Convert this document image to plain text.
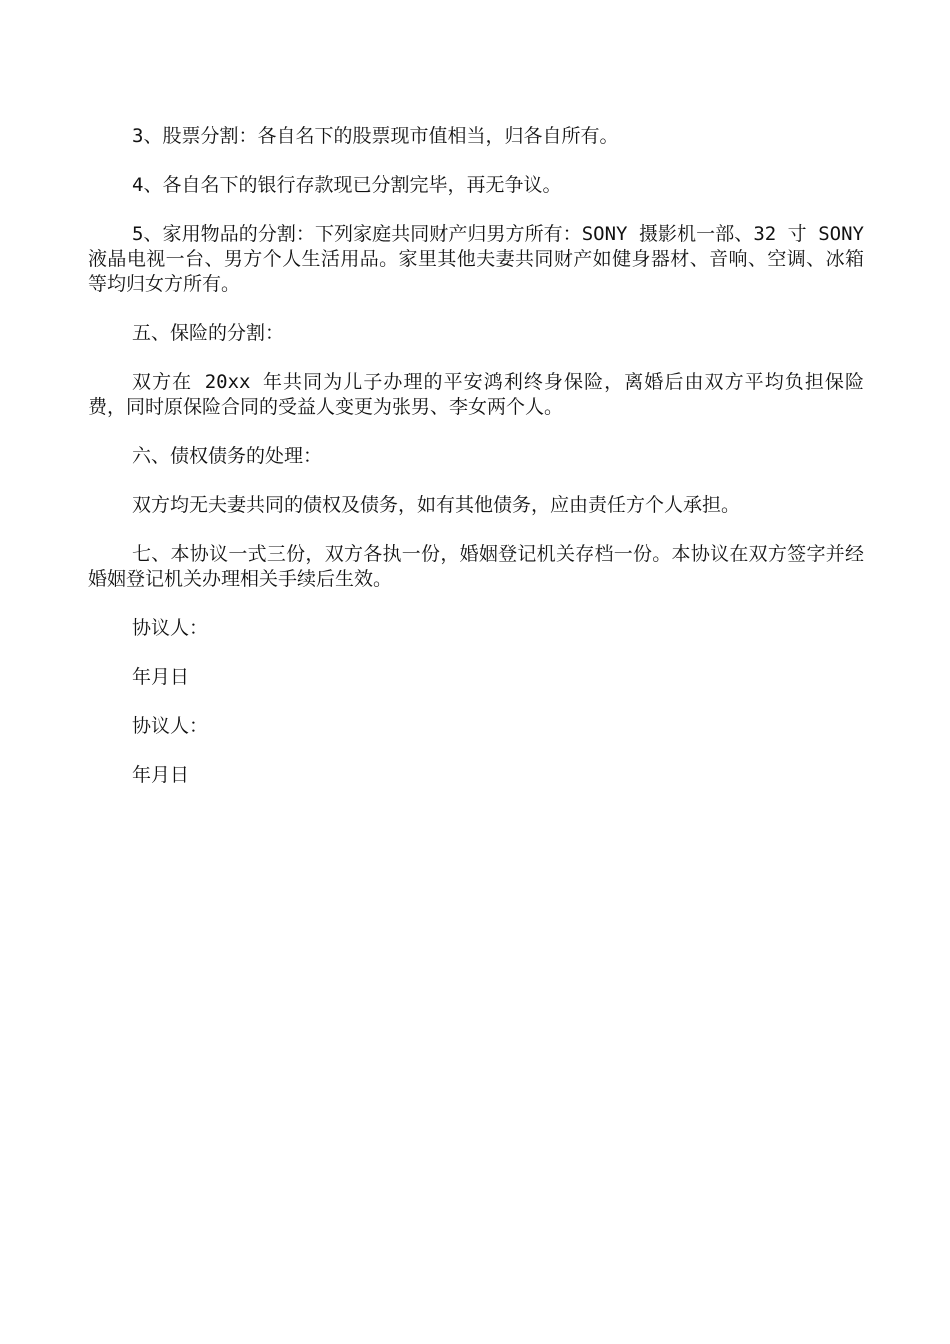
3、股票分割：各自名下的股票现市值相当，归各自所有。

4、各自名下的银行存款现已分割完毕，再无争议。

5、家用物品的分割：下列家庭共同财产归男方所有：SONY 摄影机一部、32 寸 SONY 液晶电视一台、男方个人生活用品。家里其他夫妻共同财产如健身器材、音响、空调、冰箱等均归女方所有。

五、保险的分割：

双方在 20xx 年共同为儿子办理的平安鸿利终身保险，离婚后由双方平均负担保险费，同时原保险合同的受益人变更为张男、李女两个人。

六、债权债务的处理：

双方均无夫妻共同的债权及债务，如有其他债务，应由责任方个人承担。

七、本协议一式三份，双方各执一份，婚姻登记机关存档一份。本协议在双方签字并经婚姻登记机关办理相关手续后生效。

协议人：

年月日

协议人：

年月日
